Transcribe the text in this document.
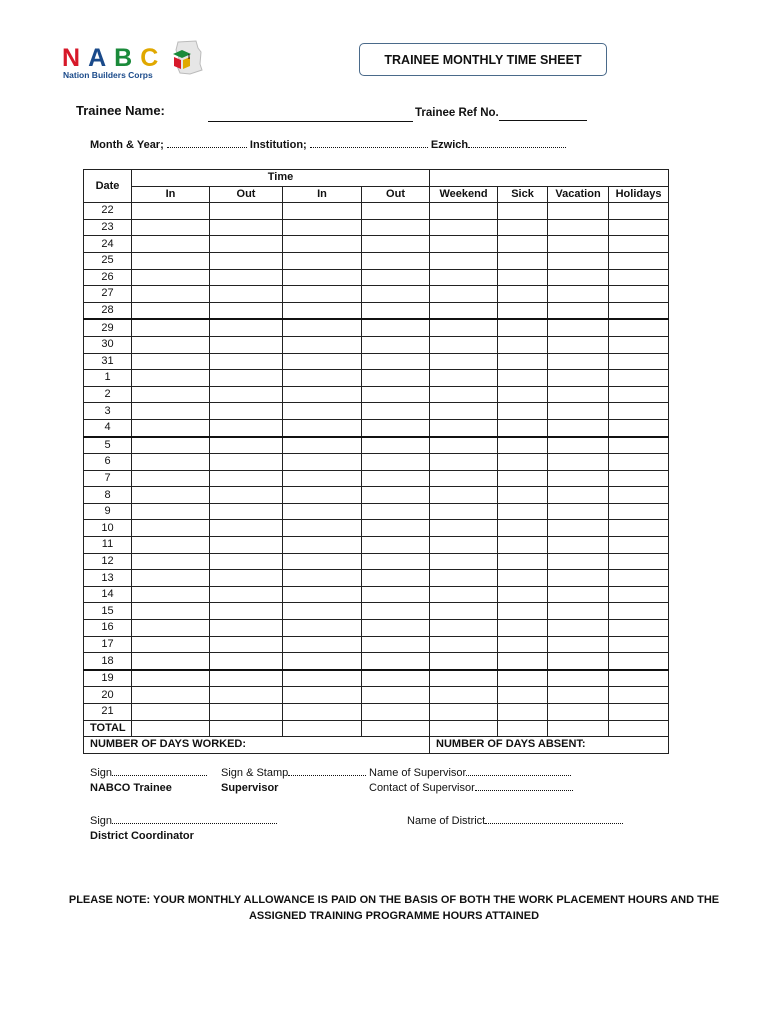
NABC
Nation Builders Corps
TRAINEE MONTHLY TIME SHEET
Trainee Name:	Trainee Ref No.
Month & Year;	Institution;	Ezwich
Date	Time							
	In	Out	In	Out	Weekend	Sick	Vacation	Holidays
22								
23								
24								
25								
26								
27								
28								
29								
30								
31								
1								
2								
3								
4								
5								
6								
7								
8								
9								
10								
11								
12								
13								
14								
15								
16								
17								
18								
19								
20								
21								
TOTAL								
NUMBER OF DAYS WORKED:					NUMBER OF DAYS ABSENT:			
Sign	Sign & Stamp	Name of Supervisor
NABCO Trainee	Supervisor	Contact of Supervisor
Sign	Name of District
District Coordinator
PLEASE NOTE: YOUR MONTHLY ALLOWANCE IS PAID ON THE BASIS OF BOTH THE WORK PLACEMENT HOURS AND THE ASSIGNED TRAINING PROGRAMME HOURS ATTAINED
